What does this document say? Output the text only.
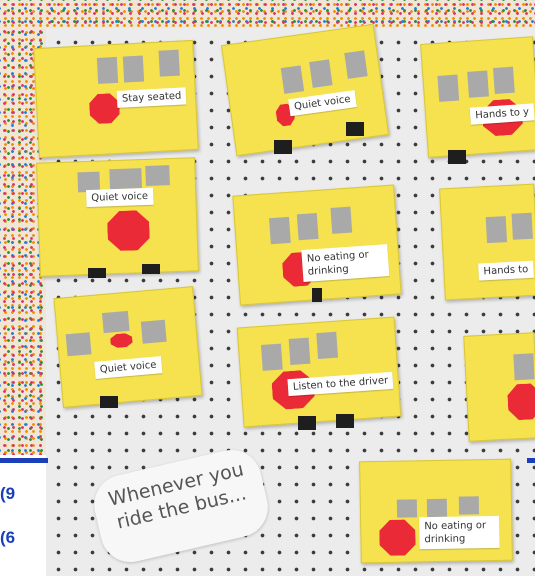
(9
(6
Stay seated	Quiet voice
Hands to y
Quiet voice
No eating or drinking	Hands to
Quiet voice
Listen to the driver
Whenever you ride the bus...	No eating or drinking
